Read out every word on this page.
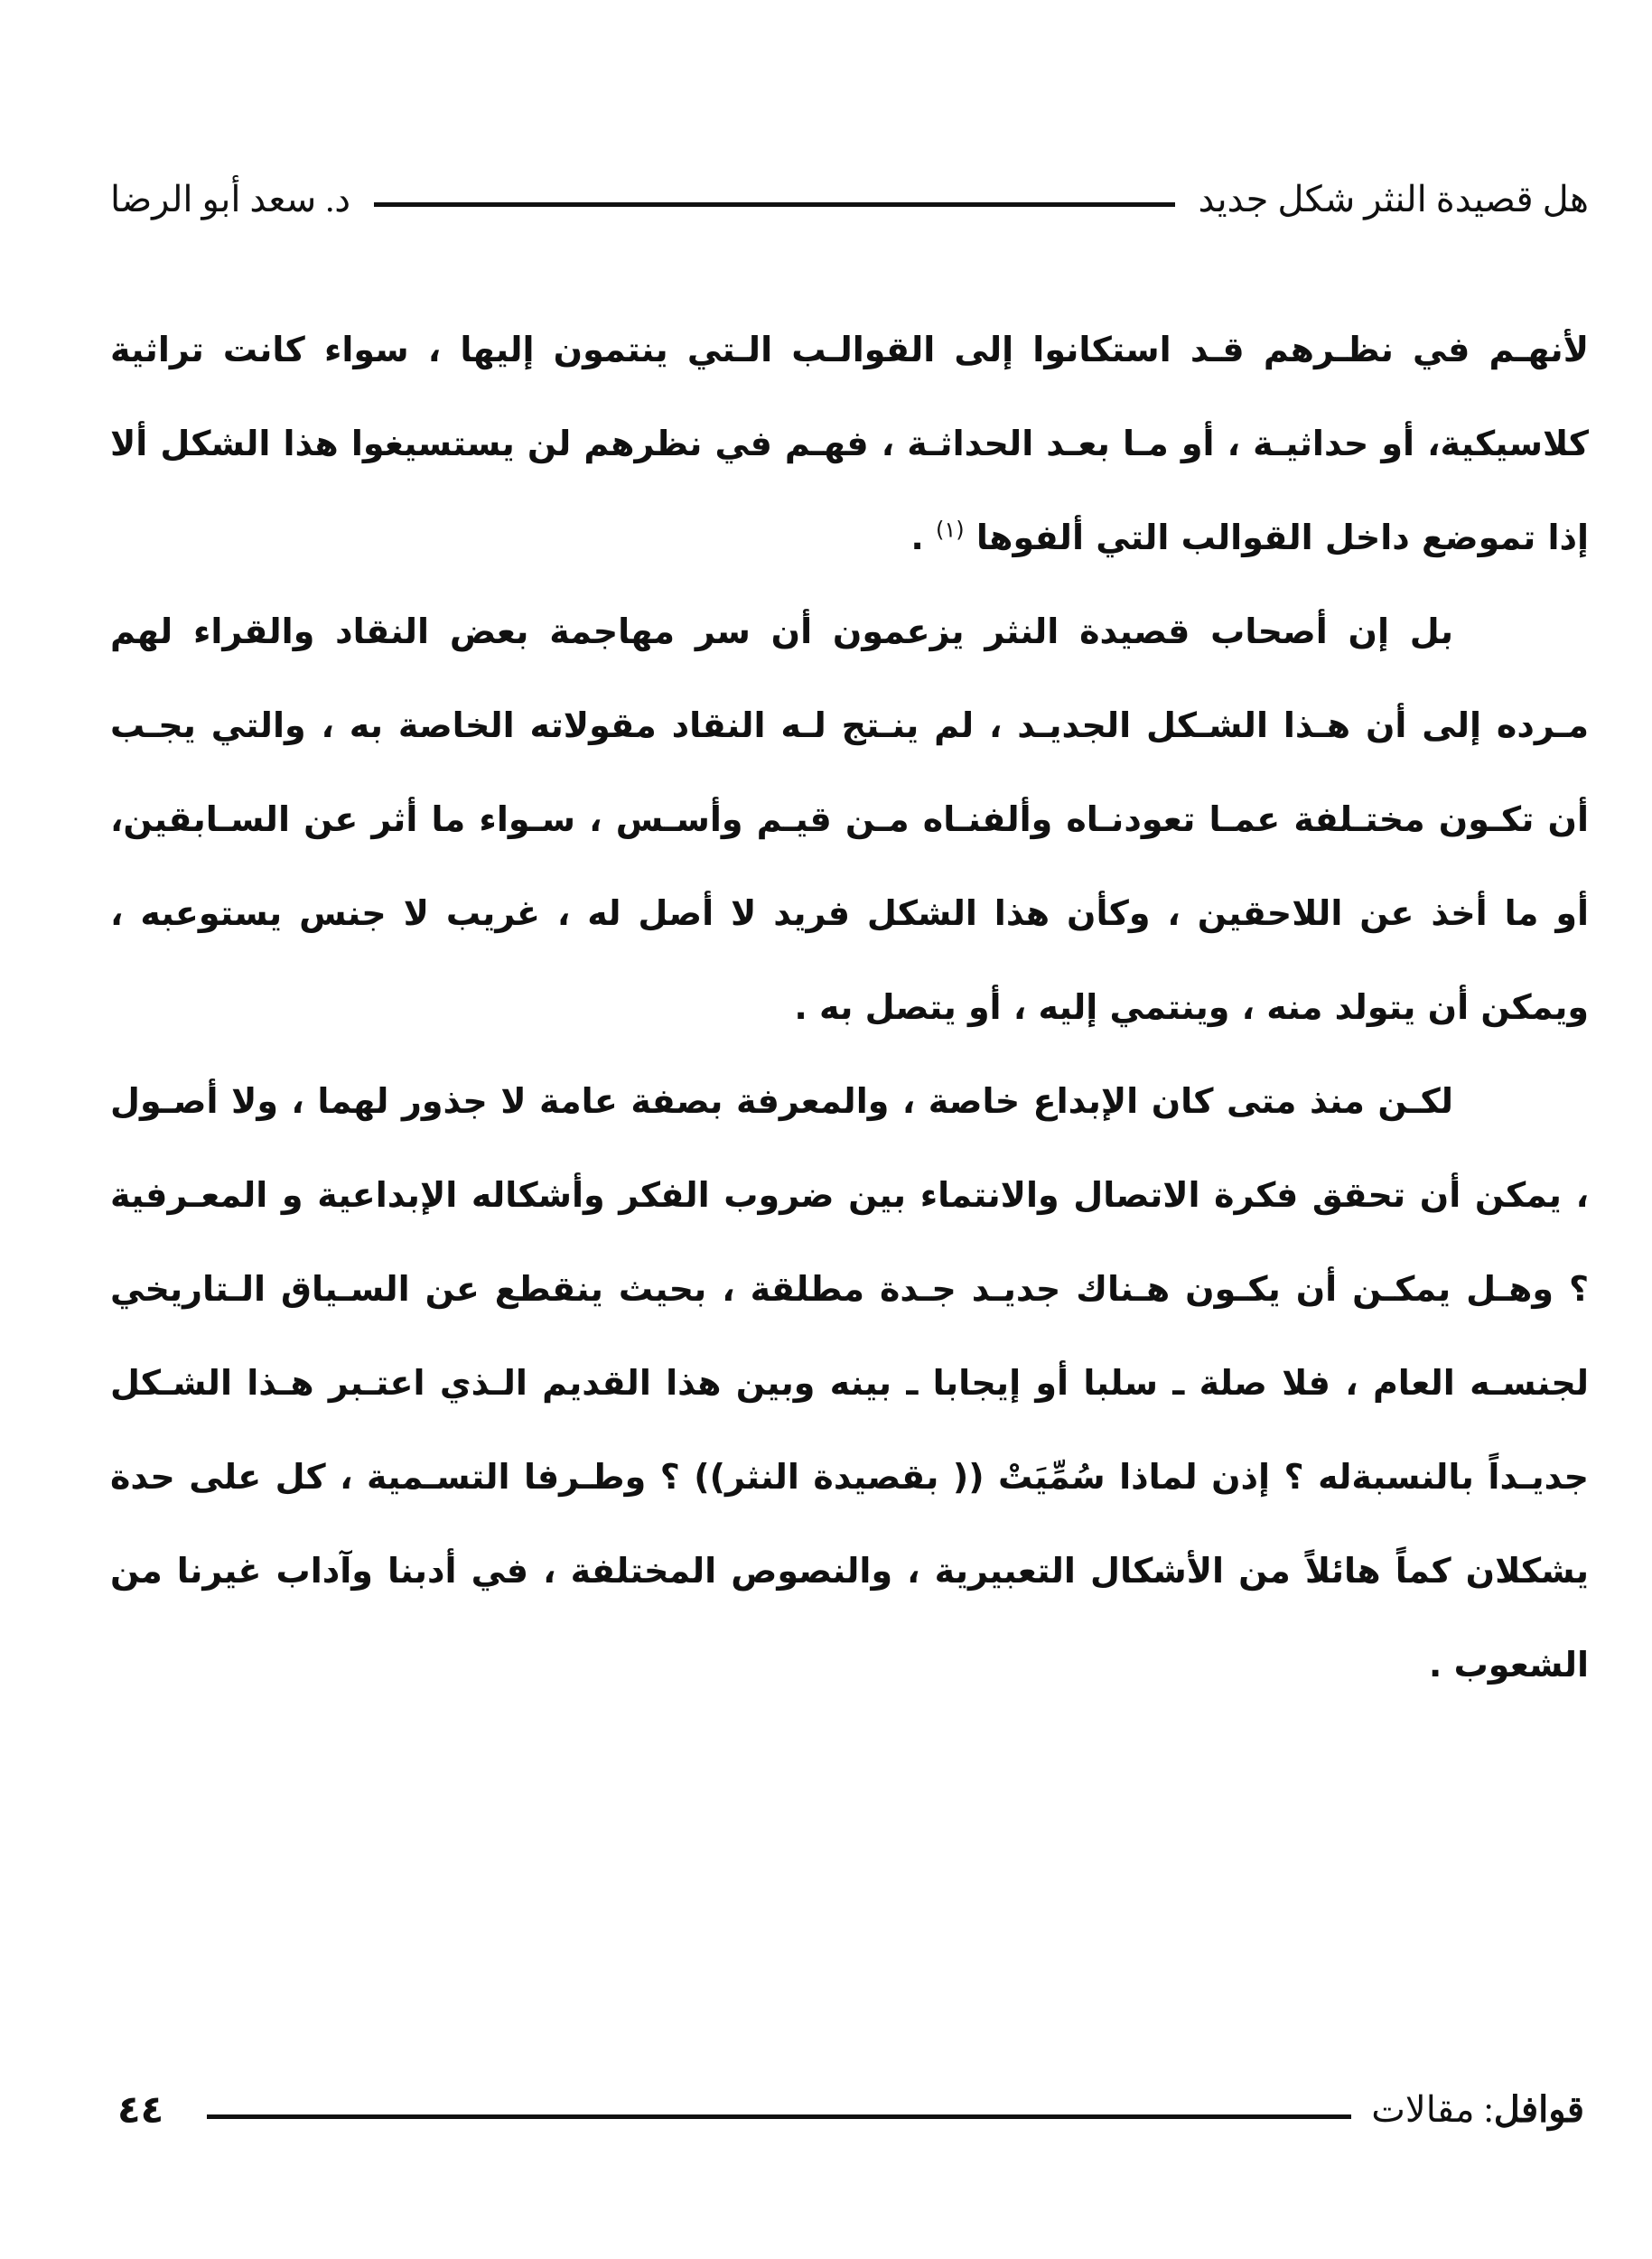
هل قصيدة النثر شكل جديد
د. سعد أبو الرضا

لأنهـم في نظـرهم قـد استكانوا إلى القوالـب الـتي ينتمون إليها ، سواء كانت تراثية كلاسيكية، أو حداثيـة ، أو مـا بعـد الحداثـة ، فهـم في نظرهم لن يستسيغوا هذا الشكل ألا إذا تموضع داخل القوالب التي ألفوها $^{(١)}$ .

بل إن أصحاب قصيدة النثر يزعمون أن سر مهاجمة بعض النقاد والقراء لهم مـرده إلى أن هـذا الشـكل الجديـد ، لم ينـتج لـه النقاد مقولاته الخاصة به ، والتي يجـب أن تكـون مختـلفة عمـا تعودنـاه وألفنـاه مـن قيـم وأسـس ، سـواء ما أثر عن السـابقين، أو ما أخذ عن اللاحقين ، وكأن هذا الشكل فريد لا أصل له ، غريب لا جنس يستوعبه ، ويمكن أن يتولد منه ، وينتمي إليه ، أو يتصل به .

لكـن منذ متى كان الإبداع خاصة ، والمعرفة بصفة عامة لا جذور لهما ، ولا أصـول ، يمكن أن تحقق فكرة الاتصال والانتماء بين ضروب الفكر وأشكاله الإبداعية و المعـرفية ؟ وهـل يمكـن أن يكـون هـناك جديـد جـدة مطلقة ، بحيث ينقطع عن السـياق الـتاريخي لجنسـه العام ، فلا صلة ـ سلبا أو إيجابا ـ بينه وبين هذا القديم الـذي اعتـبر هـذا الشـكل جديـداً بالنسبةله ؟ إذن لماذا سُمِّيَتْ (( بقصيدة النثر)) ؟ وطـرفا التسـمية ، كل على حدة يشكلان كماً هائلاً من الأشكال التعبيرية ، والنصوص المختلفة ، في أدبنا وآداب غيرنا من الشعوب .

قوافل: مقالات
٤٤
